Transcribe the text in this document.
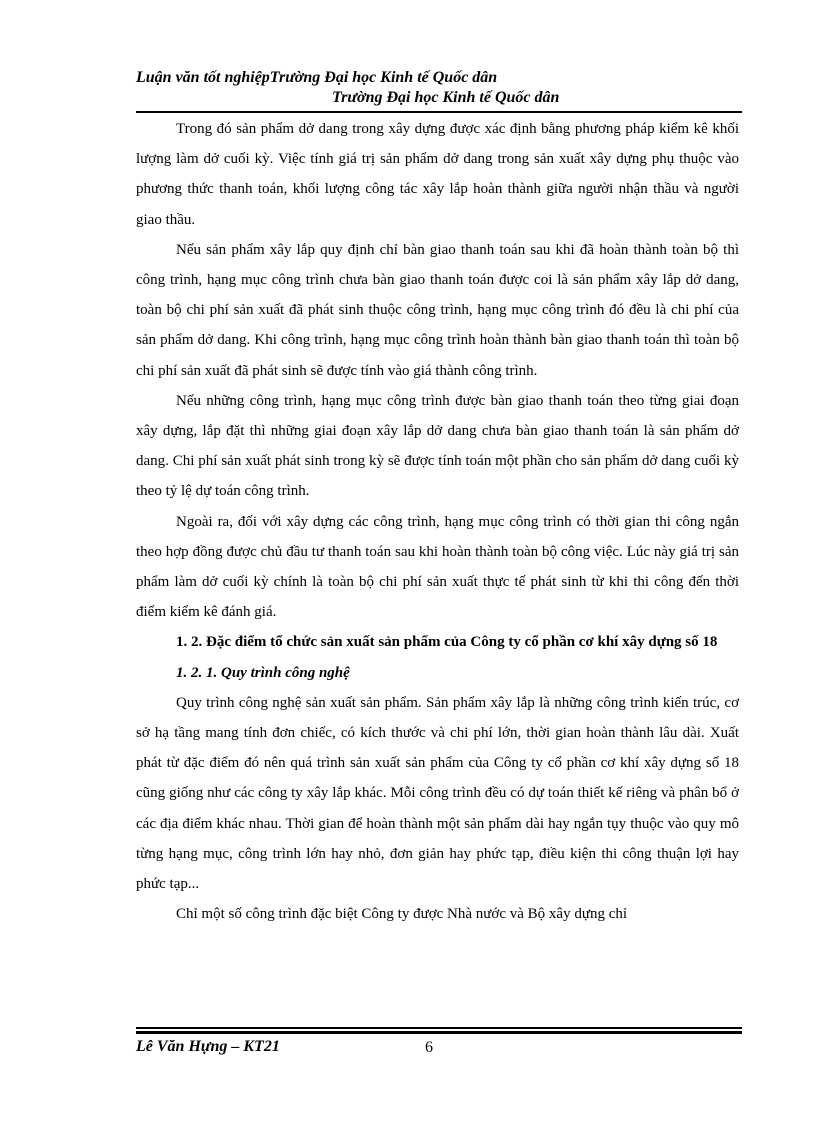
Luận văn tốt nghiệpTrường Đại học Kinh tế Quốc dân

Trường Đại học Kinh tế Quốc dân

Trong đó sản phẩm dở dang trong xây dựng được xác định bằng phương pháp kiểm kê khối lượng làm dở cuối kỳ. Việc tính giá trị sản phẩm dở dang trong sản xuất xây dựng phụ thuộc vào phương thức thanh toán, khối lượng công tác xây lắp hoàn thành giữa người nhận thầu và người giao thầu.

Nếu sản phẩm xây lắp quy định chỉ bàn giao thanh toán sau khi đã hoàn thành toàn bộ thì công trình, hạng mục công trình chưa bàn giao thanh toán được coi là sản phẩm xây lắp dở dang, toàn bộ chi phí sản xuất đã phát sinh thuộc công trình, hạng mục công trình đó đều là chi phí của sản phẩm dở dang. Khi công trình, hạng mục công trình hoàn thành bàn giao thanh toán thì toàn bộ chi phí sản xuất đã phát sinh sẽ được tính vào giá thành công trình.

Nếu những công trình, hạng mục công trình được bàn giao thanh toán theo từng giai đoạn xây dựng, lắp đặt thì những giai đoạn xây lắp dở dang chưa bàn giao thanh toán là sản phẩm dở dang. Chi phí sản xuất phát sinh trong kỳ sẽ được tính toán một phần cho sản phẩm dở dang cuối kỳ theo tỷ lệ dự toán công trình.

Ngoài ra, đối với xây dựng các công trình, hạng mục công trình có thời gian thi công ngắn theo hợp đồng được chủ đầu tư thanh toán sau khi hoàn thành toàn bộ công việc. Lúc này giá trị sản phẩm làm dở cuối kỳ chính là toàn bộ chi phí sản xuất thực tế phát sinh từ khi thi công đến thời điểm kiểm kê đánh giá.

1. 2. Đặc điểm tổ chức sản xuất sản phẩm của Công ty cổ phần cơ khí xây dựng số 18

1. 2. 1. Quy trình công nghệ

Quy trình công nghệ sản xuất sản phẩm. Sản phẩm xây lắp là những công trình kiến trúc, cơ sở hạ tầng mang tính đơn chiếc, có kích thước và chi phí lớn, thời gian hoàn thành lâu dài. Xuất phát từ đặc điểm đó nên quá trình sản xuất sản phẩm của Công ty cổ phần cơ khí xây dựng số 18 cũng giống như các công ty xây lắp khác. Mỗi công trình đều có dự toán thiết kế riêng và phân bổ ở các địa điểm khác nhau. Thời gian để hoàn thành một sản phẩm dài hay ngắn tụy thuộc vào quy mô từng hạng mục, công trình lớn hay nhỏ, đơn giản hay phức tạp, điều kiện thi công thuận lợi hay phức tạp...

Chỉ một số công trình đặc biệt Công ty được Nhà nước và Bộ xây dựng chỉ

Lê Văn Hựng – KT21	6
